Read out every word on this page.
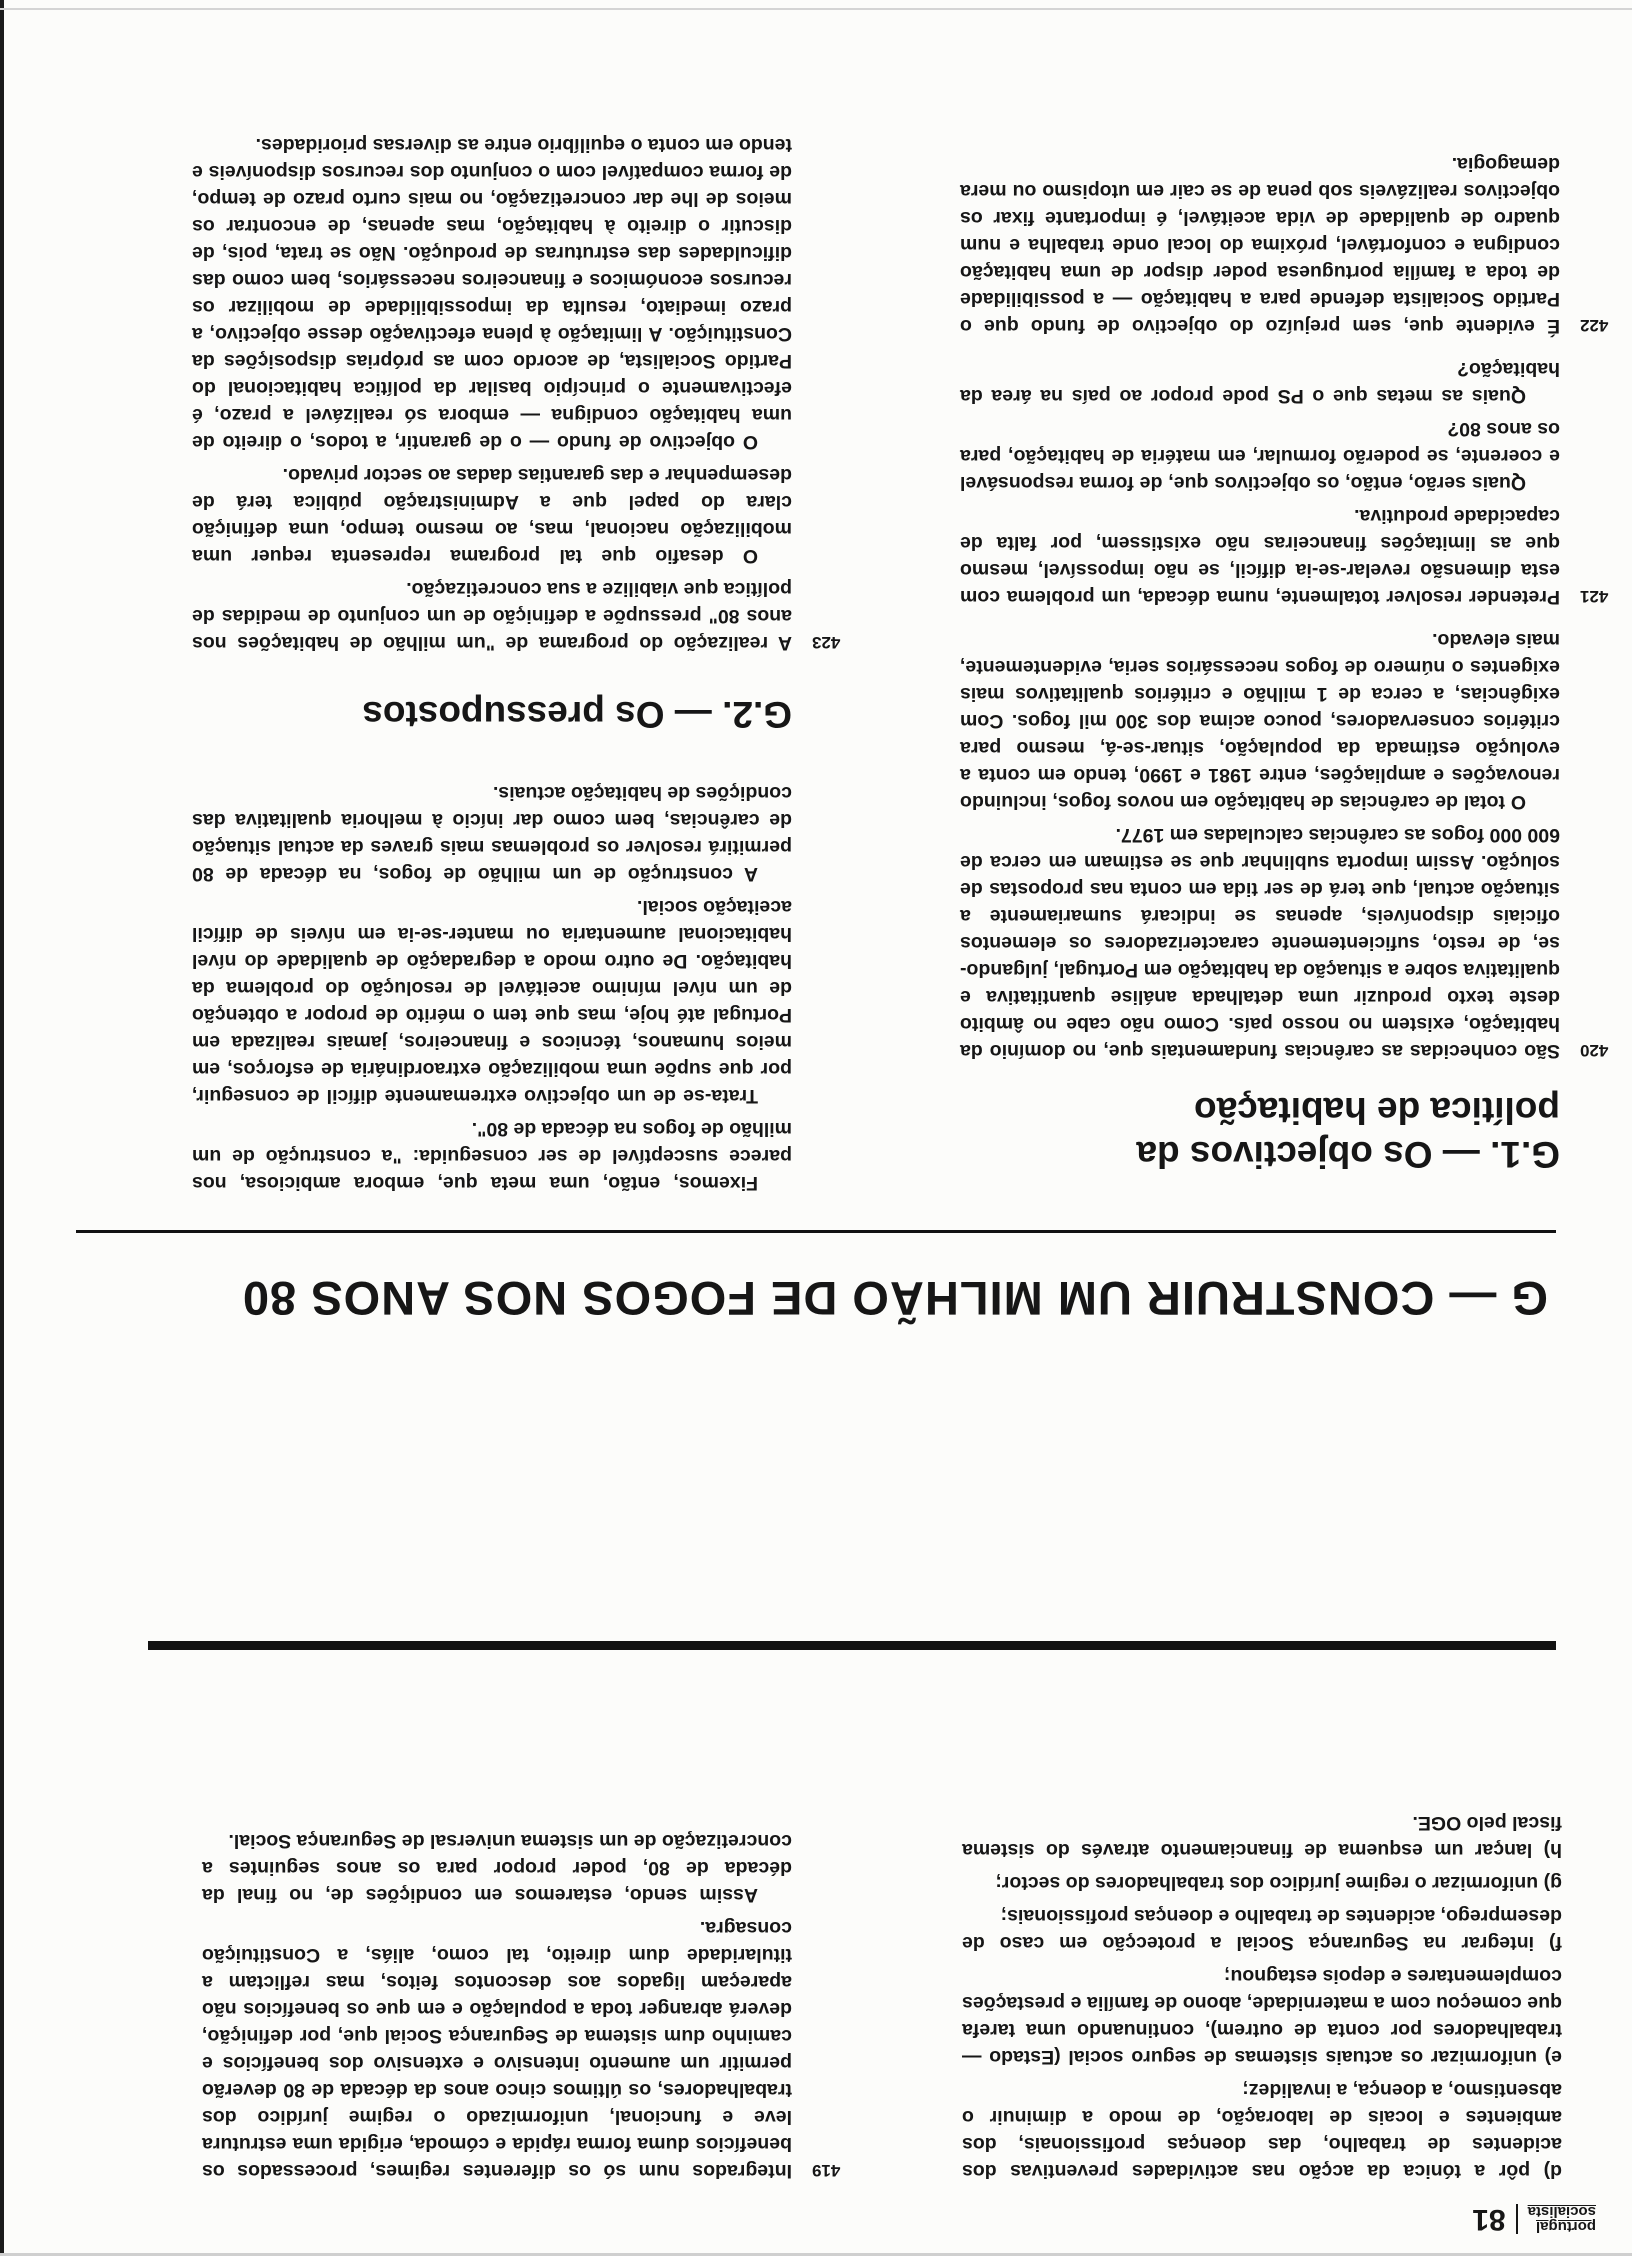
portugal
socialista
81

d) pôr a tónica da acção nas actividades preventivas dos acidentes de trabalho, das doenças profissionais, dos ambientes e locais de laboração, de modo a diminuir o absentismo, a doença, a invalidez;

e) uniformizar os actuais sistemas de seguro social (Estado — trabalhadores por conta de outrem), continuando uma tarefa que começou com a maternidade, abono de família e prestações complementares e depois estagnou;

f) integrar na Segurança Social a protecção em caso de desemprego, acidentes de trabalho e doenças profissionais;

g) uniformizar o regime jurídico dos trabalhadores do sector;

h) lançar um esquema de financiamento através do sistema fiscal pelo OGE.

419

Integrados num só os diferentes regimes, processados os benefícios duma forma rápida e cómoda, erigida uma estrutura leve e funcional, uniformizado o regime jurídico dos trabalhadores, os últimos cinco anos da década de 80 deverão permitir um aumento intensivo e extensivo dos benefícios e caminho dum sistema de Segurança Social que, por definição, deverá abranger toda a população e em que os benefícios não apareçam ligados aos descontos feitos, mas reflictam a titularidade dum direito, tal como, aliás, a Constituição consagra.

Assim sendo, estaremos em condições de, no final da década de 80, poder propor para os anos seguintes a concretização de um sistema universal de Segurança Social.

G — CONSTRUIR UM MILHÃO DE FOGOS NOS ANOS 80
G.1. — Os objectivos da política de habitação
420

São conhecidas as carências fundamentais que, no domínio da habitação, existem no nosso país. Como não cabe no âmbito deste texto produzir uma detalhada análise quantitativa e qualitativa sobre a situação da habitação em Portugal, julgando-se, de resto, suficientemente caracterizadores os elementos oficiais disponíveis, apenas se indicará sumariamente a situação actual, que terá de ser tida em conta nas propostas de solução. Assim importa sublinhar que se estimam em cerca de 600 000 fogos as carências calculadas em 1977.

O total de carências de habitação em novos fogos, incluindo renovações e ampliações, entre 1981 e 1990, tendo em conta a evolução estimada da população, situar-se-á, mesmo para critérios conservadores, pouco acima dos 300 mil fogos. Com exigências, a cerca de 1 milhão e critérios qualitativos mais exigentes o número de fogos necessários seria, evidentemente, mais elevado.

421

Pretender resolver totalmente, numa década, um problema com esta dimensão revelar-se-ia difícil, se não impossível, mesmo que as limitações financeiras não existissem, por falta de capacidade produtiva.

Quais serão, então, os objectivos que, de forma responsável e coerente, se poderão formular, em matéria de habitação, para os anos 80?

Quais as metas que o PS pode propor ao país na área da habitação?

422

É evidente que, sem prejuízo do objectivo de fundo que o Partido Socialista defende para a habitação — a possibilidade de toda a família portuguesa poder dispor de uma habitação condigna e confortável, próxima do local onde trabalha e num quadro de qualidade de vida aceitável, é importante fixar os objectivos realizáveis sob pena de se cair em utopismo ou mera demagogia.

Fixemos, então, uma meta que, embora ambiciosa, nos parece susceptível de ser conseguida: "a construção de um milhão de fogos na década de 80".

Trata-se de um objectivo extremamente difícil de conseguir, por que supõe uma mobilização extraordinária de esforços, em meios humanos, técnicos e financeiros, jamais realizada em Portugal até hoje, mas que tem o mérito de propor a obtenção de um nível mínimo aceitável de resolução do problema da habitação. De outro modo a degradação de qualidade do nível habitacional aumentaria ou manter-se-ia em níveis de difícil aceitação social.

A construção de um milhão de fogos, na década de 80 permitirá resolver os problemas mais graves da actual situação de carências, bem como dar início à melhoria qualitativa das condições de habitação actuais.

G.2. — Os pressupostos
423

A realização do programa de "um milhão de habitações nos anos 80" pressupõe a definição de um conjunto de medidas de política que viabilize a sua concretização.

O desafio que tal programa representa requer uma mobilização nacional, mas, ao mesmo tempo, uma definição clara do papel que a Administração pública terá de desempenhar e das garantias dadas ao sector privado.

O objectivo de fundo — o de garantir, a todos, o direito de uma habitação condigna — embora só realizável a prazo, é efectivamente o princípio basilar da política habitacional do Partido Socialista, de acordo com as próprias disposições da Constituição. A limitação à plena efectivação desse objectivo, a prazo imediato, resulta da impossibilidade de mobilizar os recursos económicos e financeiros necessários, bem como das dificuldades das estruturas de produção. Não se trata, pois, de discutir o direito à habitação, mas apenas, de encontrar os meios de lhe dar concretização, no mais curto prazo de tempo, de forma compatível com o conjunto dos recursos disponíveis e tendo em conta o equilíbrio entre as diversas prioridades.
